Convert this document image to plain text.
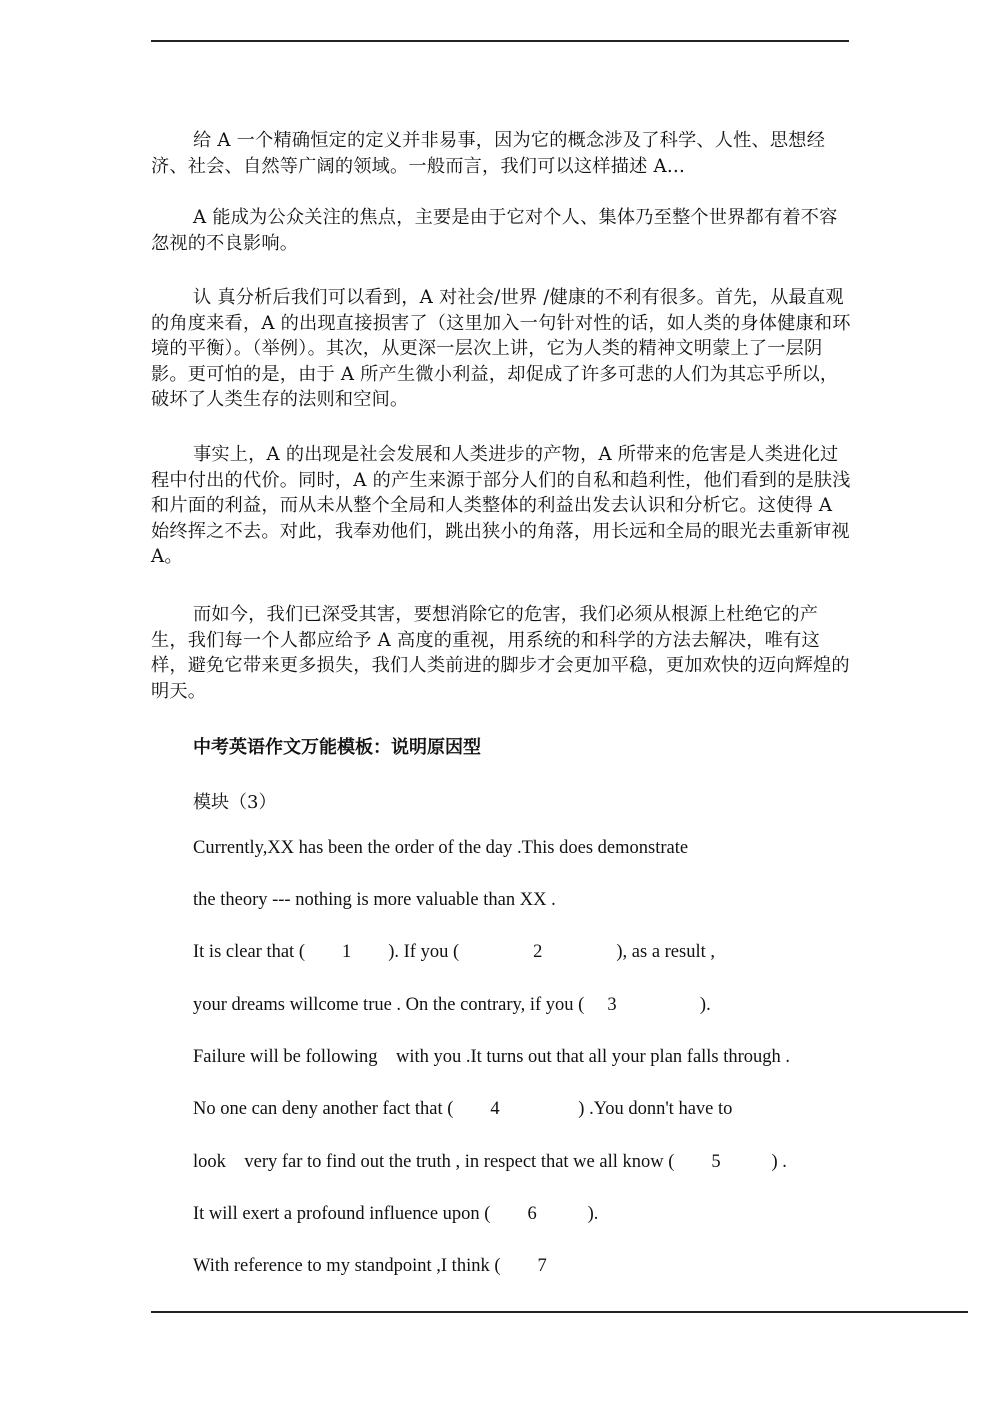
给 A 一个精确恒定的定义并非易事，因为它的概念涉及了科学、人性、思想经济、社会、自然等广阔的领域。一般而言，我们可以这样描述 A…

A 能成为公众关注的焦点，主要是由于它对个人、集体乃至整个世界都有着不容忽视的不良影响。

认 真分析后我们可以看到，A 对社会/世界 /健康的不利有很多。首先，从最直观的角度来看，A 的出现直接损害了（这里加入一句针对性的话，如人类的身体健康和环境的平衡）。（举例）。其次，从更深一层次上讲，它为人类的精神文明蒙上了一层阴影。更可怕的是，由于 A 所产生微小利益，却促成了许多可悲的人们为其忘乎所以，破坏了人类生存的法则和空间。

事实上，A 的出现是社会发展和人类进步的产物，A 所带来的危害是人类进化过程中付出的代价。同时，A 的产生来源于部分人们的自私和趋利性，他们看到的是肤浅和片面的利益，而从未从整个全局和人类整体的利益出发去认识和分析它。这使得 A 始终挥之不去。对此，我奉劝他们，跳出狭小的角落，用长远和全局的眼光去重新审视 A。

而如今，我们已深受其害，要想消除它的危害，我们必须从根源上杜绝它的产生，我们每一个人都应给予 A 高度的重视，用系统的和科学的方法去解决，唯有这样，避免它带来更多损失，我们人类前进的脚步才会更加平稳，更加欢快的迈向辉煌的明天。

中考英语作文万能模板：说明原因型

模块（3）

Currently,XX has been the order of the day .This does demonstrate

the theory --- nothing is more valuable than XX .

It is clear that (        1        ). If you (                2                ), as a result ,

your dreams willcome true . On the contrary, if you (     3                  ).

Failure will be following    with you .It turns out that all your plan falls through .

No one can deny another fact that (        4                 ) .You donn't have to

look    very far to find out the truth , in respect that we all know (        5           ) .

It will exert a profound influence upon (        6           ).

With reference to my standpoint ,I think (        7
